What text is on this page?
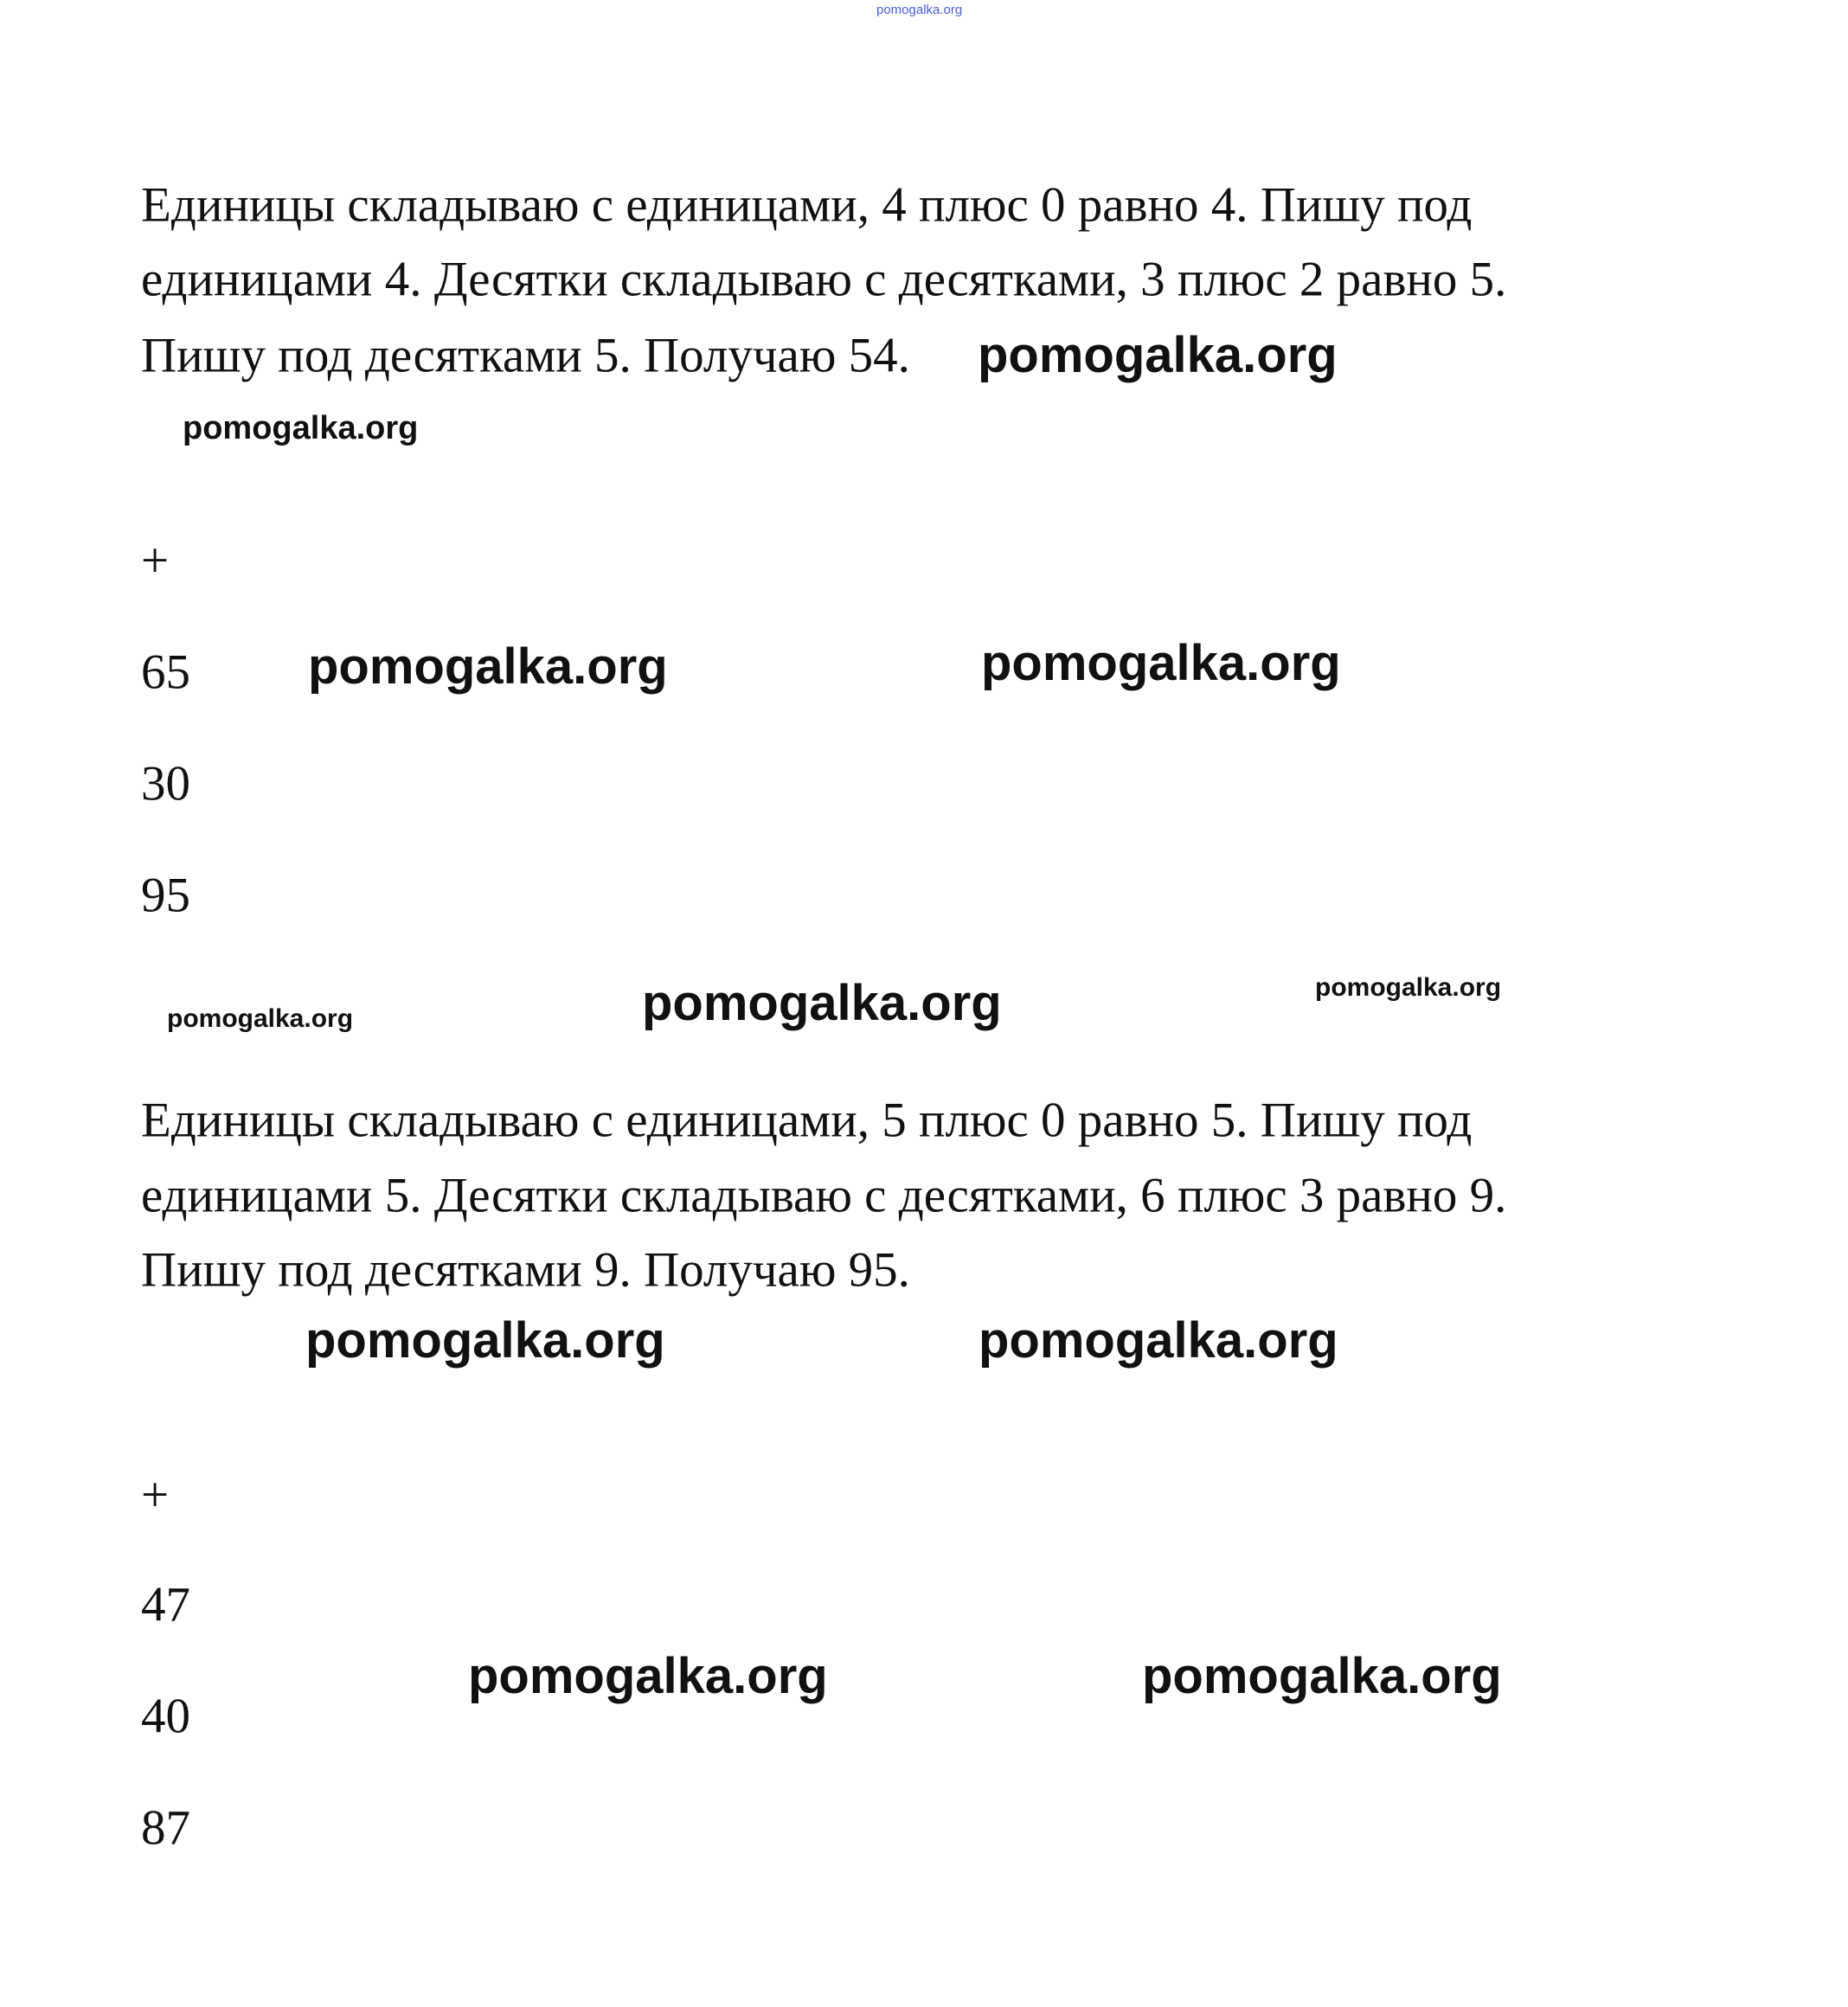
pomogalka.org
Единицы складываю с единицами, 4 плюс 0 равно 4. Пишу под
единицами 4. Десятки складываю с десятками, 3 плюс 2 равно 5.
Пишу под десятками 5. Получаю 54.
+
65
30
95
Единицы складываю с единицами, 5 плюс 0 равно 5. Пишу под
единицами 5. Десятки складываю с десятками, 6 плюс 3 равно 9.
Пишу под десятками 9. Получаю 95.
+
47
40
87
pomogalka.org
pomogalka.org
pomogalka.org	pomogalka.org
pomogalka.org	pomogalka.org	pomogalka.org
pomogalka.org	pomogalka.org
pomogalka.org	pomogalka.org
